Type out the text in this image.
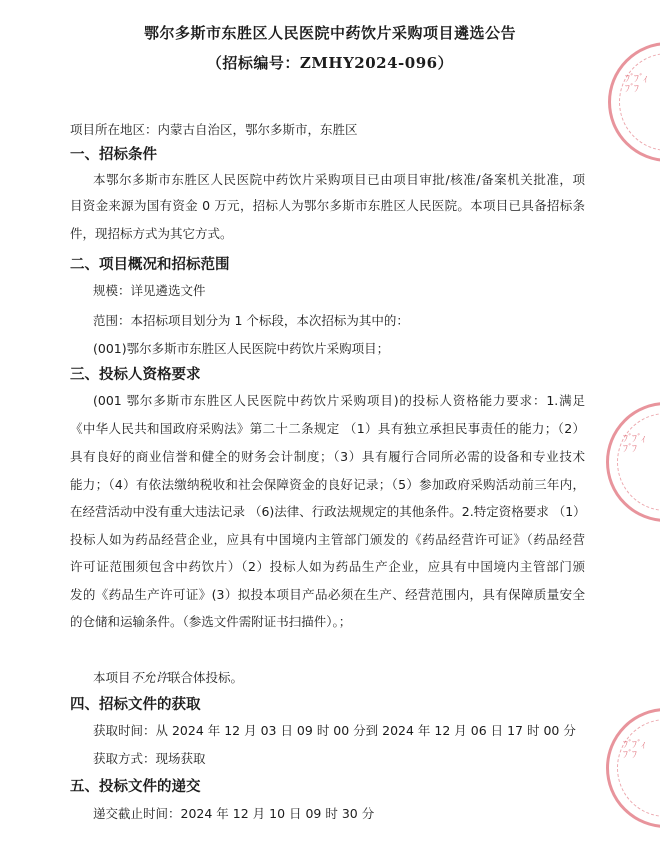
鄂尔多斯市东胜区人民医院中药饮片采购项目遴选公告
（招标编号：ZMHY2024-096）
项目所在地区：内蒙古自治区，鄂尔多斯市，东胜区
一、招标条件
本鄂尔多斯市东胜区人民医院中药饮片采购项目已由项目审批/核准/备案机关批准，项
目资金来源为国有资金 0 万元，招标人为鄂尔多斯市东胜区人民医院。本项目已具备招标条
件，现招标方式为其它方式。
二、项目概况和招标范围
规模：详见遴选文件
范围：本招标项目划分为 1 个标段，本次招标为其中的：
(001)鄂尔多斯市东胜区人民医院中药饮片采购项目；
三、投标人资格要求
(001 鄂尔多斯市东胜区人民医院中药饮片采购项目)的投标人资格能力要求：1.满足
《中华人民共和国政府采购法》第二十二条规定 （1）具有独立承担民事责任的能力；（2）
具有良好的商业信誉和健全的财务会计制度；（3）具有履行合同所必需的设备和专业技术
能力；（4）有依法缴纳税收和社会保障资金的良好记录；（5）参加政府采购活动前三年内，
在经营活动中没有重大违法记录 （6)法律、行政法规规定的其他条件。2.特定资格要求 （1）
投标人如为药品经营企业，应具有中国境内主管部门颁发的《药品经营许可证》（药品经营
许可证范围须包含中药饮片）（2）投标人如为药品生产企业，应具有中国境内主管部门颁
发的《药品生产许可证》(3）拟投本项目产品必须在生产、经营范围内，具有保障质量安全
的仓储和运输条件。（参选文件需附证书扫描件）。；
本项目不允许联合体投标。
四、招标文件的获取
获取时间：从 2024 年 12 月 03 日 09 时 00 分到 2024 年 12 月 06 日 17 时 00 分
获取方式：现场获取
五、投标文件的递交
递交截止时间：2024 年 12 月 10 日 09 时 30 分
ﾌﾞﾌﾞｨﾌﾞﾌ
ﾌﾞﾌﾞｨﾌﾞﾌ
ﾌﾞﾌﾞｨﾌﾞﾌ
